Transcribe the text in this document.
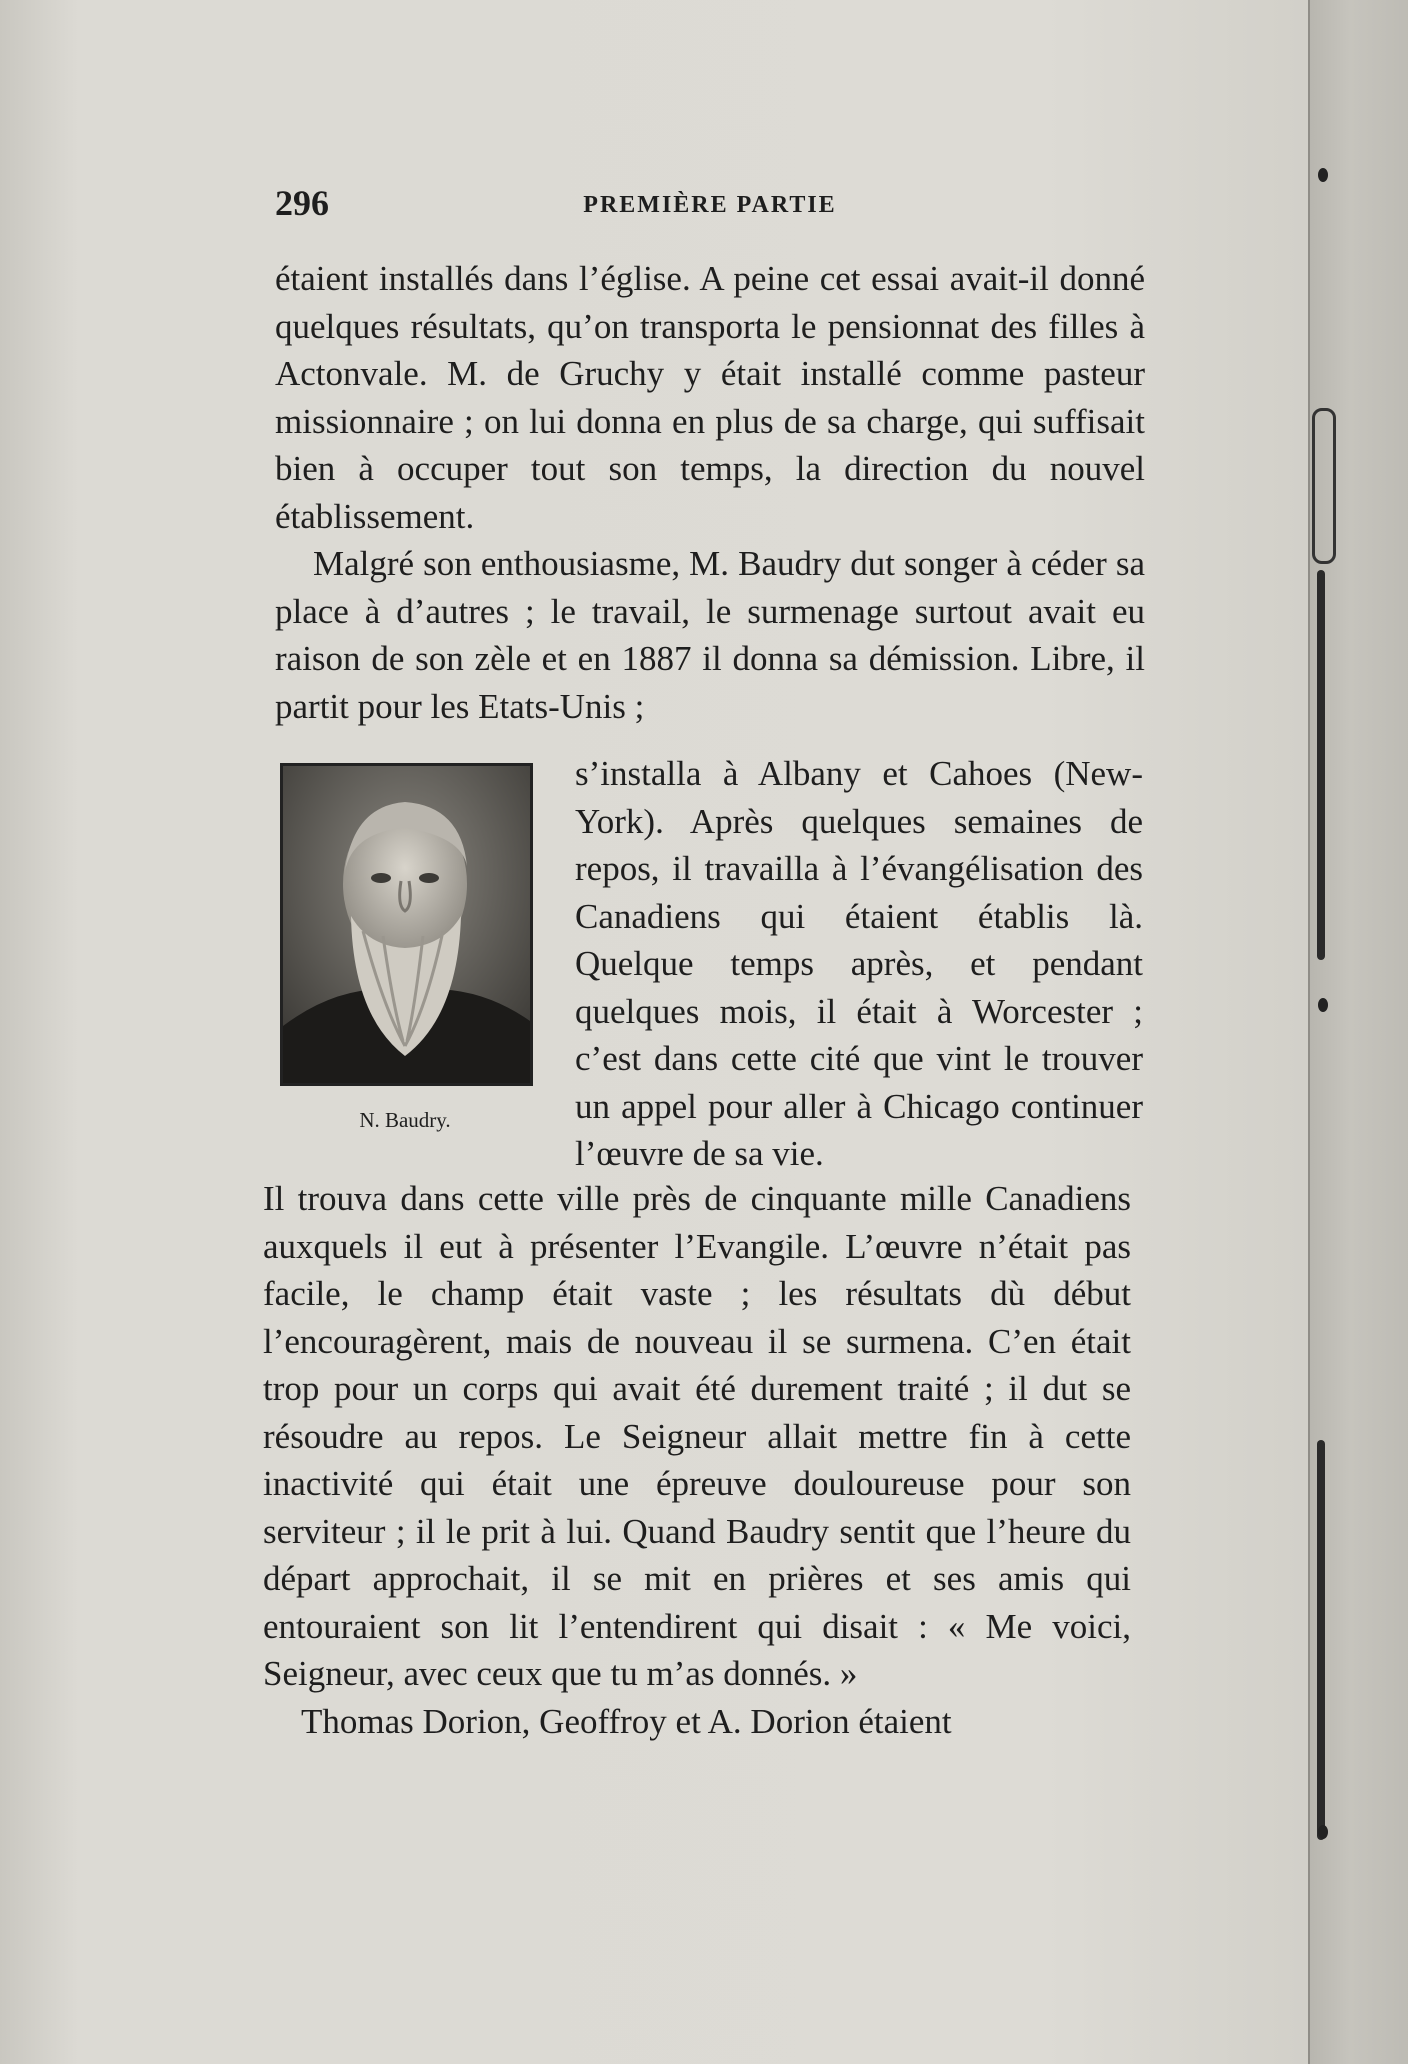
296	PREMIÈRE PARTIE

étaient installés dans l’église. A peine cet essai avait-il donné quelques résultats, qu’on transporta le pensionnat des filles à Actonvale. M. de Gruchy y était installé comme pasteur missionnaire ; on lui donna en plus de sa charge, qui suffisait bien à occuper tout son temps, la direction du nouvel établissement.

Malgré son enthousiasme, M. Baudry dut songer à céder sa place à d’autres ; le travail, le surmenage surtout avait eu raison de son zèle et en 1887 il donna sa démission. Libre, il partit pour les Etats-Unis ;

N. Baudry.

s’installa à Albany et Cahoes (New-York). Après quelques semaines de repos, il travailla à l’évangélisation des Canadiens qui étaient établis là. Quelque temps après, et pendant quelques mois, il était à Worcester ; c’est dans cette cité que vint le trouver un appel pour aller à Chicago continuer l’œuvre de sa vie.

Il trouva dans cette ville près de cinquante mille Canadiens auxquels il eut à présenter l’Evangile. L’œuvre n’était pas facile, le champ était vaste ; les résultats dù début l’encouragèrent, mais de nouveau il se surmena. C’en était trop pour un corps qui avait été durement traité ; il dut se résoudre au repos. Le Seigneur allait mettre fin à cette inactivité qui était une épreuve douloureuse pour son serviteur ; il le prit à lui. Quand Baudry sentit que l’heure du départ approchait, il se mit en prières et ses amis qui entouraient son lit l’entendirent qui disait : « Me voici, Seigneur, avec ceux que tu m’as donnés. »

Thomas Dorion, Geoffroy et A. Dorion étaient
